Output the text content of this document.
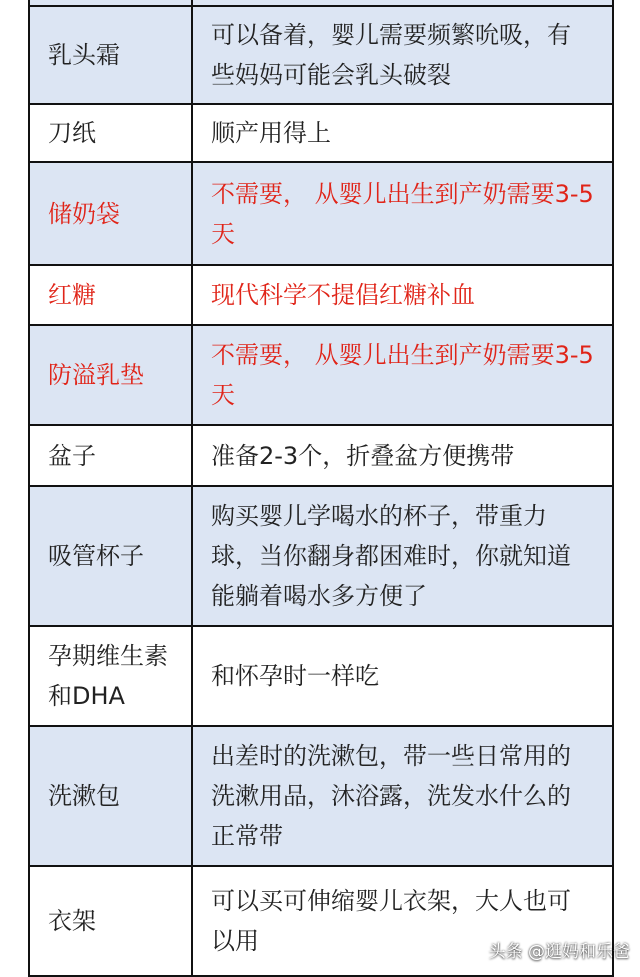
乳头霜	可以备着，婴儿需要频繁吮吸，有些妈妈可能会乳头破裂
刀纸	顺产用得上
储奶袋	不需要， 从婴儿出生到产奶需要3-5天
红糖	现代科学不提倡红糖补血
防溢乳垫	不需要， 从婴儿出生到产奶需要3-5天
盆子	准备2-3个，折叠盆方便携带
吸管杯子	购买婴儿学喝水的杯子，带重力球，当你翻身都困难时，你就知道能躺着喝水多方便了
孕期维生素和DHA	和怀孕时一样吃
洗漱包	出差时的洗漱包，带一些日常用的洗漱用品，沐浴露，洗发水什么的正常带
衣架	可以买可伸缩婴儿衣架，大人也可以用	头条 @逛妈和乐爸
